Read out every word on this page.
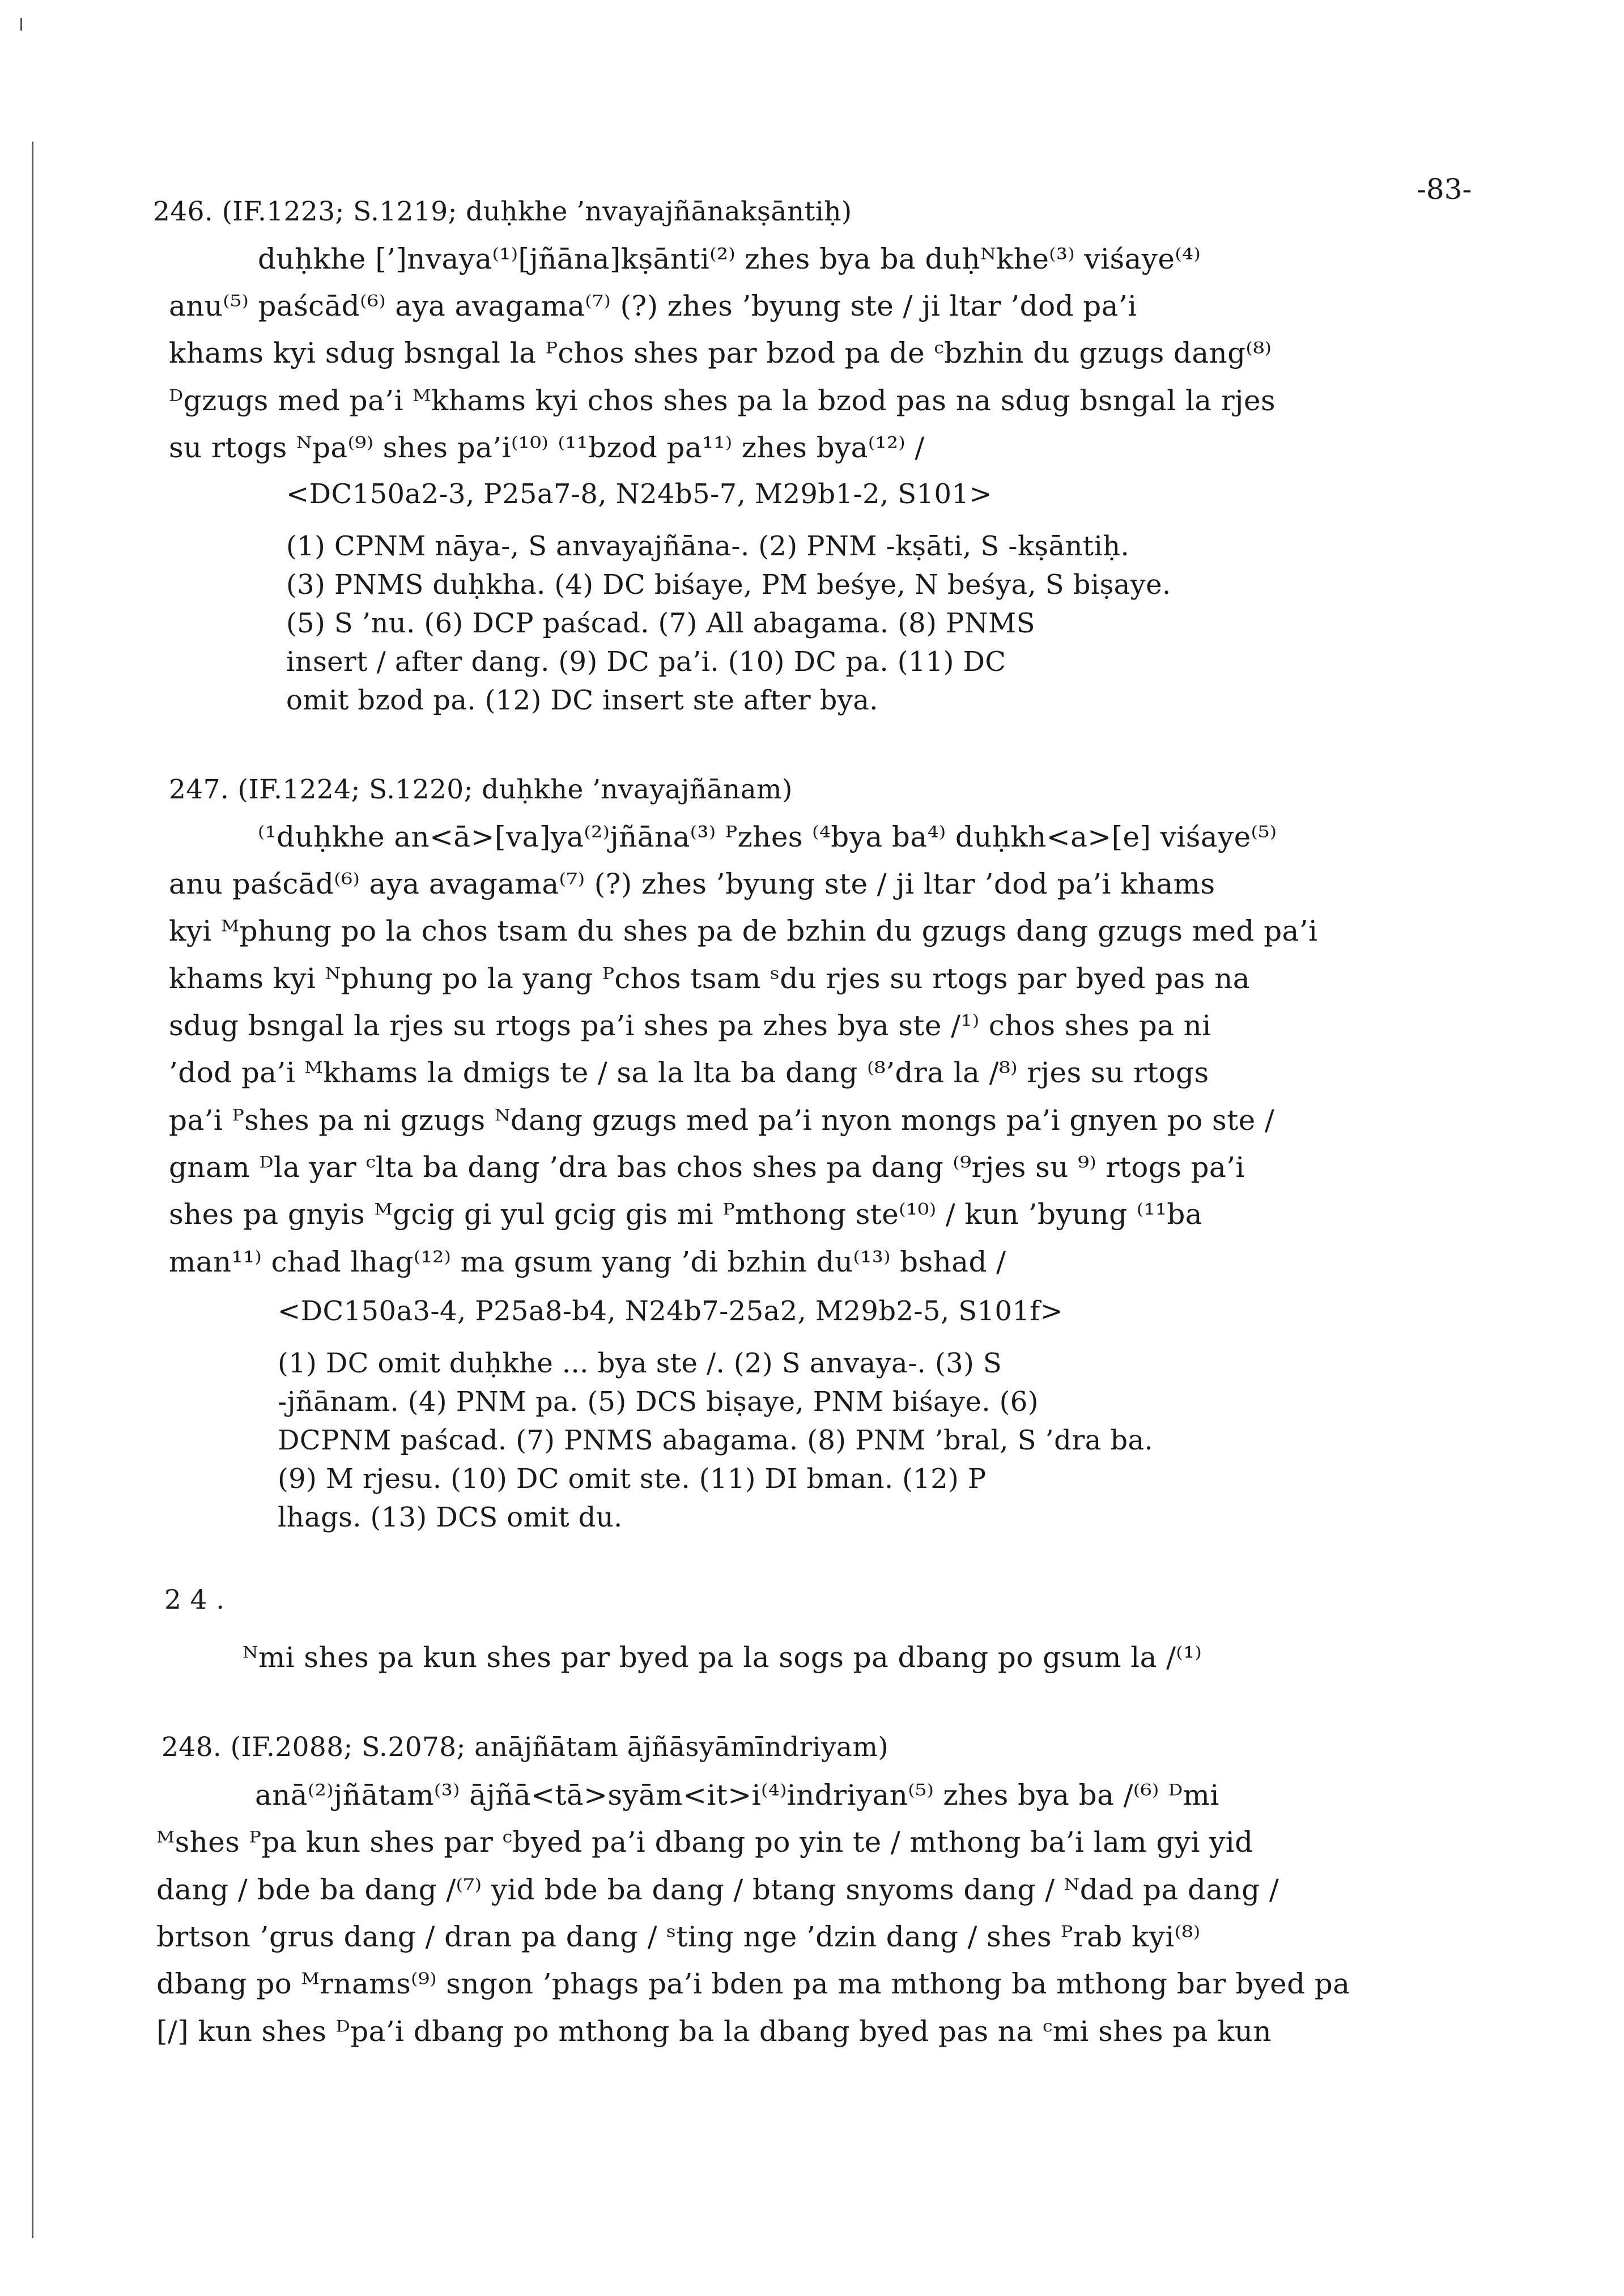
-83-
246. (IF.1223; S.1219; duḥkhe ’nvayajñānakṣāntiḥ)
duḥkhe [’]nvaya⁽¹⁾[jñāna]kṣānti⁽²⁾ zhes bya ba duḥᴺkhe⁽³⁾ viśaye⁽⁴⁾
anu⁽⁵⁾ paścād⁽⁶⁾ aya avagama⁽⁷⁾ (?) zhes ’byung ste / ji ltar ’dod pa’i
khams kyi sdug bsngal la ᴾchos shes par bzod pa de ᶜbzhin du gzugs dang⁽⁸⁾
ᴰgzugs med pa’i ᴹkhams kyi chos shes pa la bzod pas na sdug bsngal la rjes
su rtogs ᴺpa⁽⁹⁾ shes pa’i⁽¹⁰⁾ ⁽¹¹bzod pa¹¹⁾ zhes bya⁽¹²⁾ /
<DC150a2-3, P25a7-8, N24b5-7, M29b1-2, S101>
(1) CPNM nāya-, S anvayajñāna-. (2) PNM -kṣāti, S -kṣāntiḥ.
(3) PNMS duḥkha. (4) DC biśaye, PM beśye, N beśya, S biṣaye.
(5) S ’nu. (6) DCP paścad. (7) All abagama. (8) PNMS
insert / after dang. (9) DC pa’i. (10) DC pa. (11) DC
omit bzod pa. (12) DC insert ste after bya.
247. (IF.1224; S.1220; duḥkhe ’nvayajñānam)
⁽¹duḥkhe an<ā>[va]ya⁽²⁾jñāna⁽³⁾ ᴾzhes ⁽⁴bya ba⁴⁾ duḥkh<a>[e] viśaye⁽⁵⁾
anu paścād⁽⁶⁾ aya avagama⁽⁷⁾ (?) zhes ’byung ste / ji ltar ’dod pa’i khams
kyi ᴹphung po la chos tsam du shes pa de bzhin du gzugs dang gzugs med pa’i
khams kyi ᴺphung po la yang ᴾchos tsam ˢdu rjes su rtogs par byed pas na
sdug bsngal la rjes su rtogs pa’i shes pa zhes bya ste /¹⁾ chos shes pa ni
’dod pa’i ᴹkhams la dmigs te / sa la lta ba dang ⁽⁸’dra la /⁸⁾ rjes su rtogs
pa’i ᴾshes pa ni gzugs ᴺdang gzugs med pa’i nyon mongs pa’i gnyen po ste /
gnam ᴰla yar ᶜlta ba dang ’dra bas chos shes pa dang ⁽⁹rjes su ⁹⁾ rtogs pa’i
shes pa gnyis ᴹgcig gi yul gcig gis mi ᴾmthong ste⁽¹⁰⁾ / kun ’byung ⁽¹¹ba
man¹¹⁾ chad lhag⁽¹²⁾ ma gsum yang ’di bzhin du⁽¹³⁾ bshad /
<DC150a3-4, P25a8-b4, N24b7-25a2, M29b2-5, S101f>
(1) DC omit duḥkhe ... bya ste /. (2) S anvaya-. (3) S
-jñānam. (4) PNM pa. (5) DCS biṣaye, PNM biśaye. (6)
DCPNM paścad. (7) PNMS abagama. (8) PNM ’bral, S ’dra ba.
(9) M rjesu. (10) DC omit ste. (11) DI bman. (12) P
lhags. (13) DCS omit du.
2 4 .
ᴺmi shes pa kun shes par byed pa la sogs pa dbang po gsum la /⁽¹⁾
248. (IF.2088; S.2078; anājñātam ājñāsyāmīndriyam)
anā⁽²⁾jñātam⁽³⁾ ājñā<tā>syām<it>i⁽⁴⁾indriyan⁽⁵⁾ zhes bya ba /⁽⁶⁾ ᴰmi
ᴹshes ᴾpa kun shes par ᶜbyed pa’i dbang po yin te / mthong ba’i lam gyi yid
dang / bde ba dang /⁽⁷⁾ yid bde ba dang / btang snyoms dang / ᴺdad pa dang /
brtson ’grus dang / dran pa dang / ˢting nge ’dzin dang / shes ᴾrab kyi⁽⁸⁾
dbang po ᴹrnams⁽⁹⁾ sngon ’phags pa’i bden pa ma mthong ba mthong bar byed pa
[/] kun shes ᴰpa’i dbang po mthong ba la dbang byed pas na ᶜmi shes pa kun
